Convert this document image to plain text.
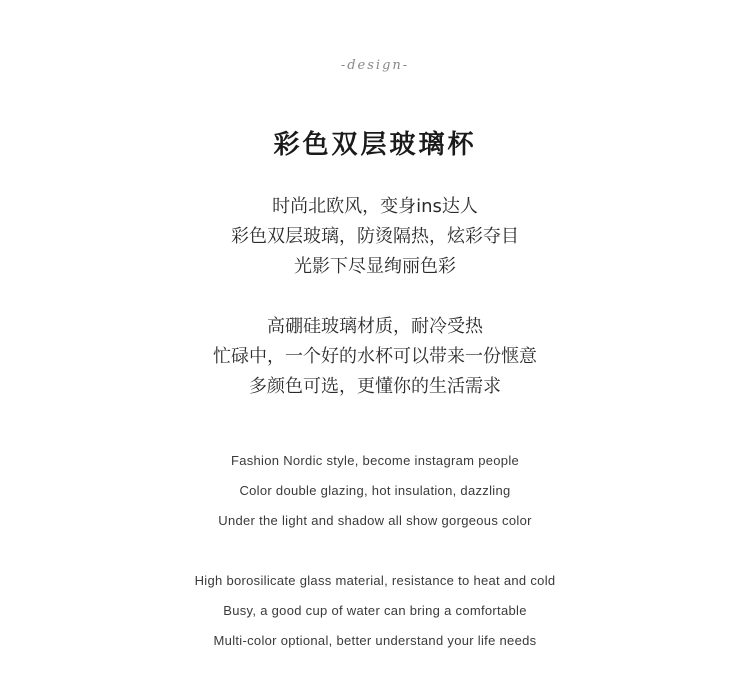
-design-
彩色双层玻璃杯
时尚北欧风，变身ins达人
彩色双层玻璃，防烫隔热，炫彩夺目
光影下尽显绚丽色彩
高硼硅玻璃材质，耐冷受热
忙碌中，一个好的水杯可以带来一份惬意
多颜色可选，更懂你的生活需求
Fashion Nordic style, become instagram people
Color double glazing, hot insulation, dazzling
Under the light and shadow all show gorgeous color
High borosilicate glass material, resistance to heat and cold
Busy, a good cup of water can bring a comfortable
Multi-color optional, better understand your life needs
